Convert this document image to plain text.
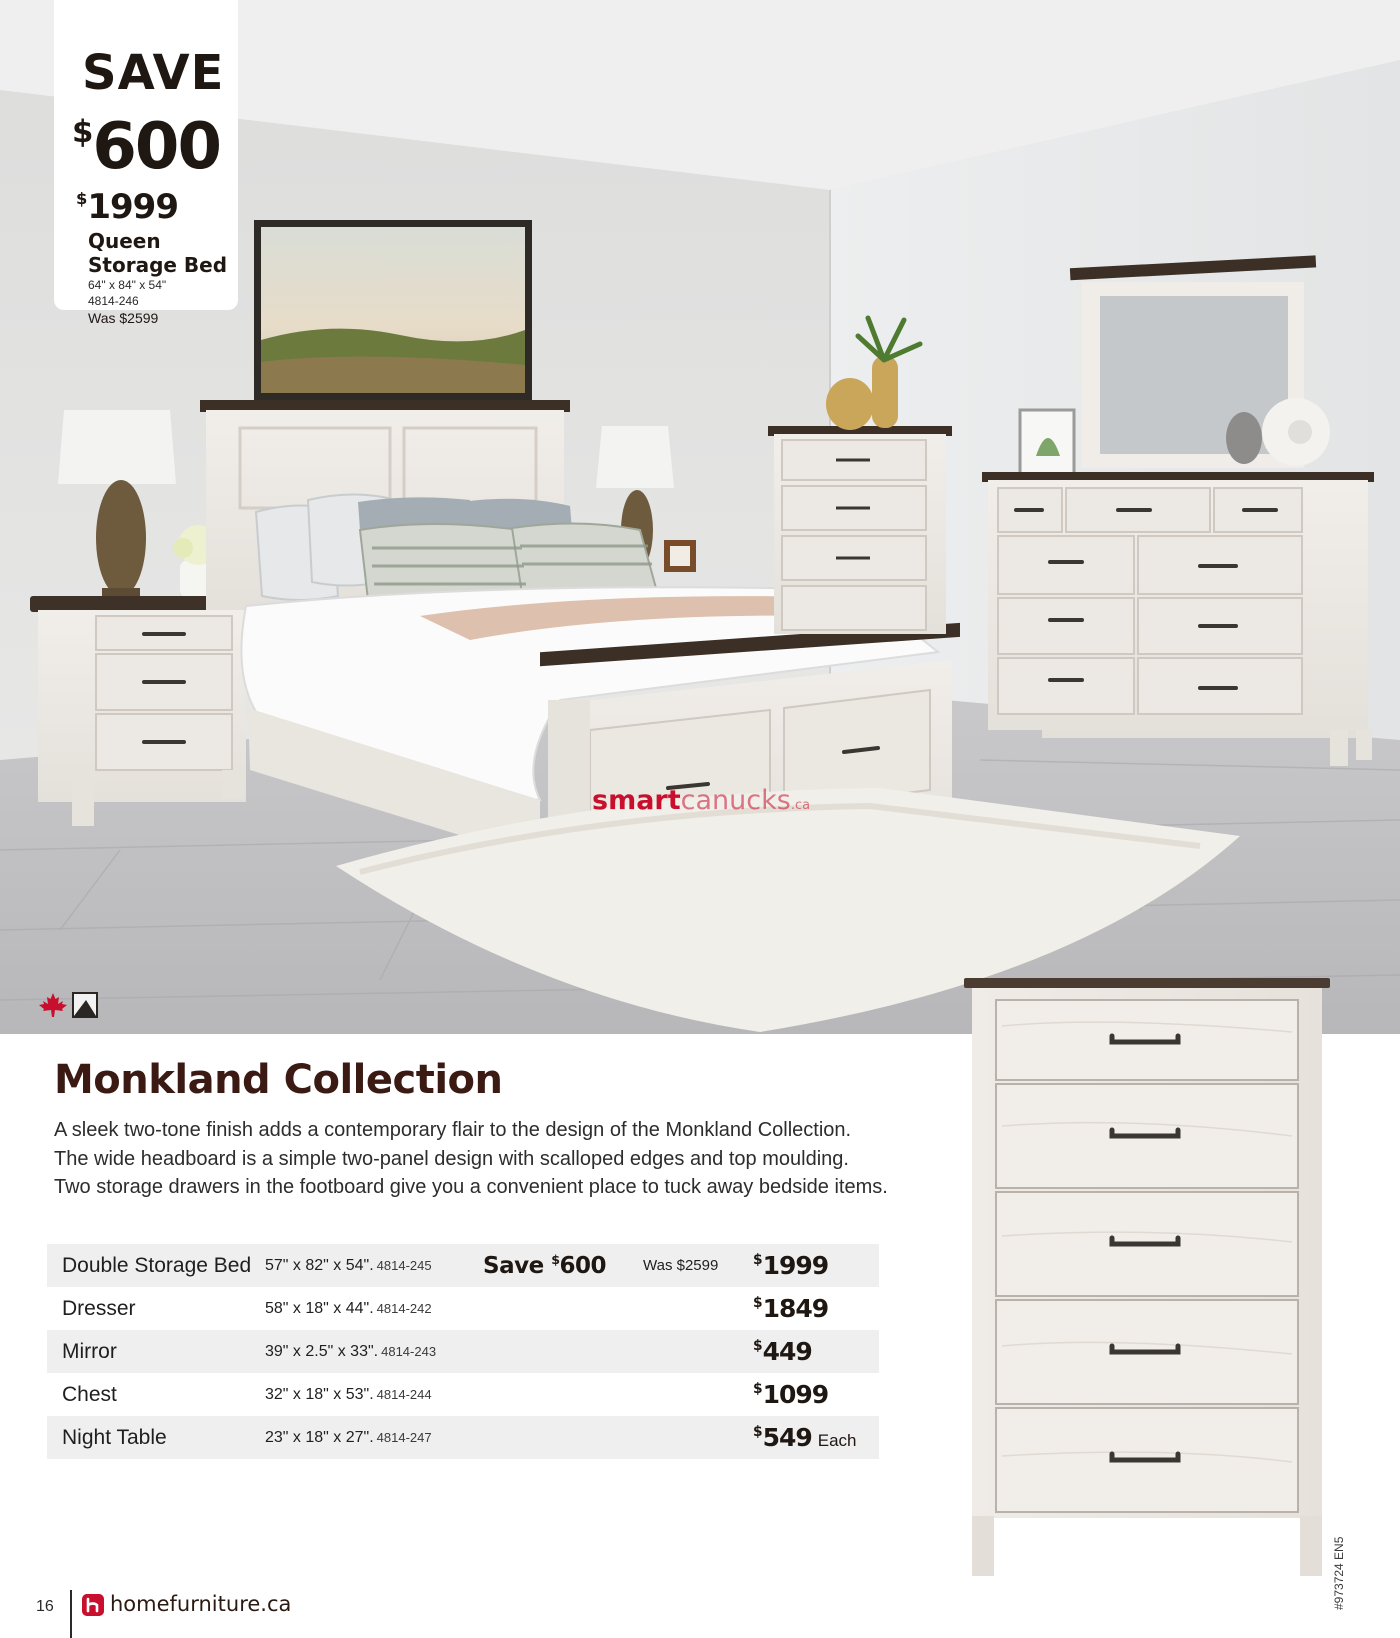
SAVE
$600
$1999
Queen
Storage Bed
64" x 84" x 54"
4814-246
Was $2599
smartcanucks.ca
Monkland Collection

A sleek two-tone finish adds a contemporary flair to the design of the Monkland Collection.

The wide headboard is a simple two-panel design with scalloped edges and top moulding.

Two storage drawers in the footboard give you a convenient place to tuck away bedside items.

Double Storage Bed	57" x 82" x 54". 4814-245	Save $600	Was $2599	$1999
Dresser	58" x 18" x 44". 4814-242			$1849
Mirror	39" x 2.5" x 33". 4814-243			$449
Chest	32" x 18" x 53". 4814-244			$1099
Night Table	23" x 18" x 27". 4814-247			$549 Each
16	homefurniture.ca	#973724 EN5
